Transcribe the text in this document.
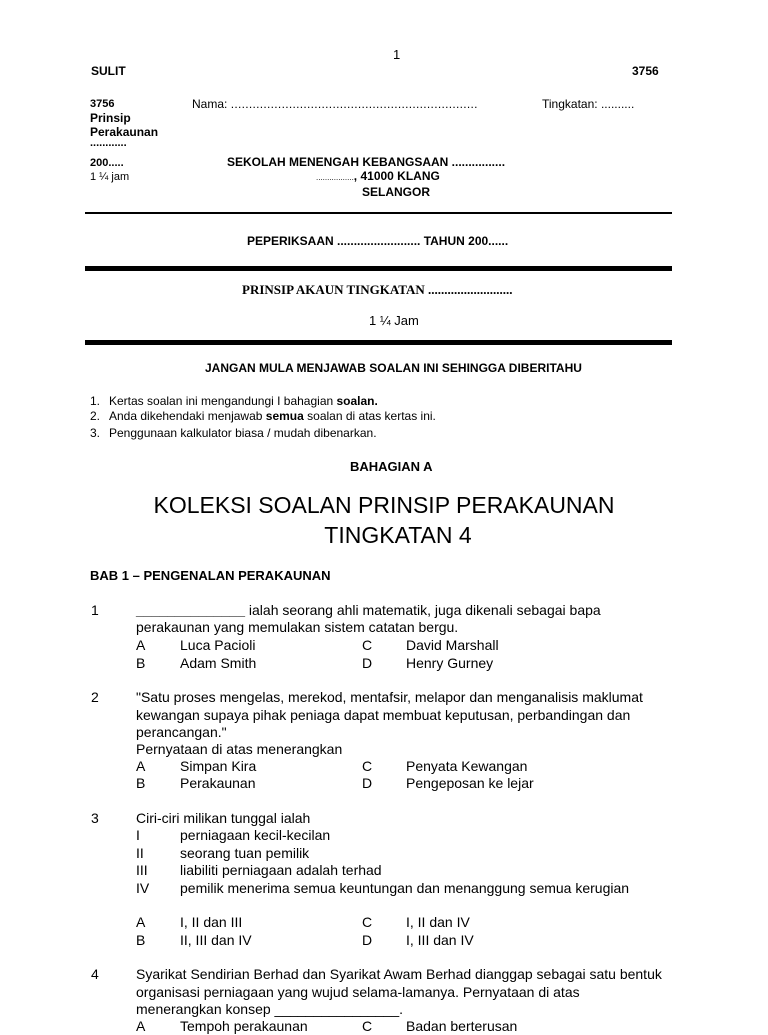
1
SULIT	3756
3756
Prinsip
Perakaunan
............
200.....
1 ¼ jam
Nama: ....................................................................	Tingkatan: ..........
SEKOLAH MENENGAH KEBANGSAAN ................
................., 41000 KLANG
SELANGOR
PEPERIKSAAN ......................... TAHUN 200......
PRINSIP AKAUN TINGKATAN ..........................
1 ¼ Jam
JANGAN MULA MENJAWAB SOALAN INI SEHINGGA DIBERITAHU
1. Kertas soalan ini mengandungi I bahagian soalan.
2. Anda dikehendaki menjawab semua soalan di atas kertas ini.
3. Penggunaan kalkulator biasa / mudah dibenarkan.
BAHAGIAN A
KOLEKSI SOALAN PRINSIP PERAKAUNAN
TINGKATAN 4
BAB 1 – PENGENALAN PERAKAUNAN
1	______________ ialah seorang ahli matematik, juga dikenali sebagai bapa
perakaunan yang memulakan sistem catatan bergu.
A Luca Pacioli	C David Marshall
B Adam Smith	D Henry Gurney
2	"Satu proses mengelas, merekod, mentafsir, melapor dan menganalisis maklumat
kewangan supaya pihak peniaga dapat membuat keputusan, perbandingan dan
perancangan."
Pernyataan di atas menerangkan
A Simpan Kira	C Penyata Kewangan
B Perakaunan	D Pengeposan ke lejar
3	Ciri-ciri milikan tunggal ialah
I	perniagaan kecil-kecilan
II	seorang tuan pemilik
III liabiliti perniagaan adalah terhad
IV pemilik menerima semua keuntungan dan menanggung semua kerugian
A I, II dan III	C I, II dan IV
B II, III dan IV	D I, III dan IV
4	Syarikat Sendirian Berhad dan Syarikat Awam Berhad dianggap sebagai satu bentuk
organisasi perniagaan yang wujud selama-lamanya. Pernyataan di atas
menerangkan konsep ________________.
A Tempoh perakaunan	C Badan berterusan
